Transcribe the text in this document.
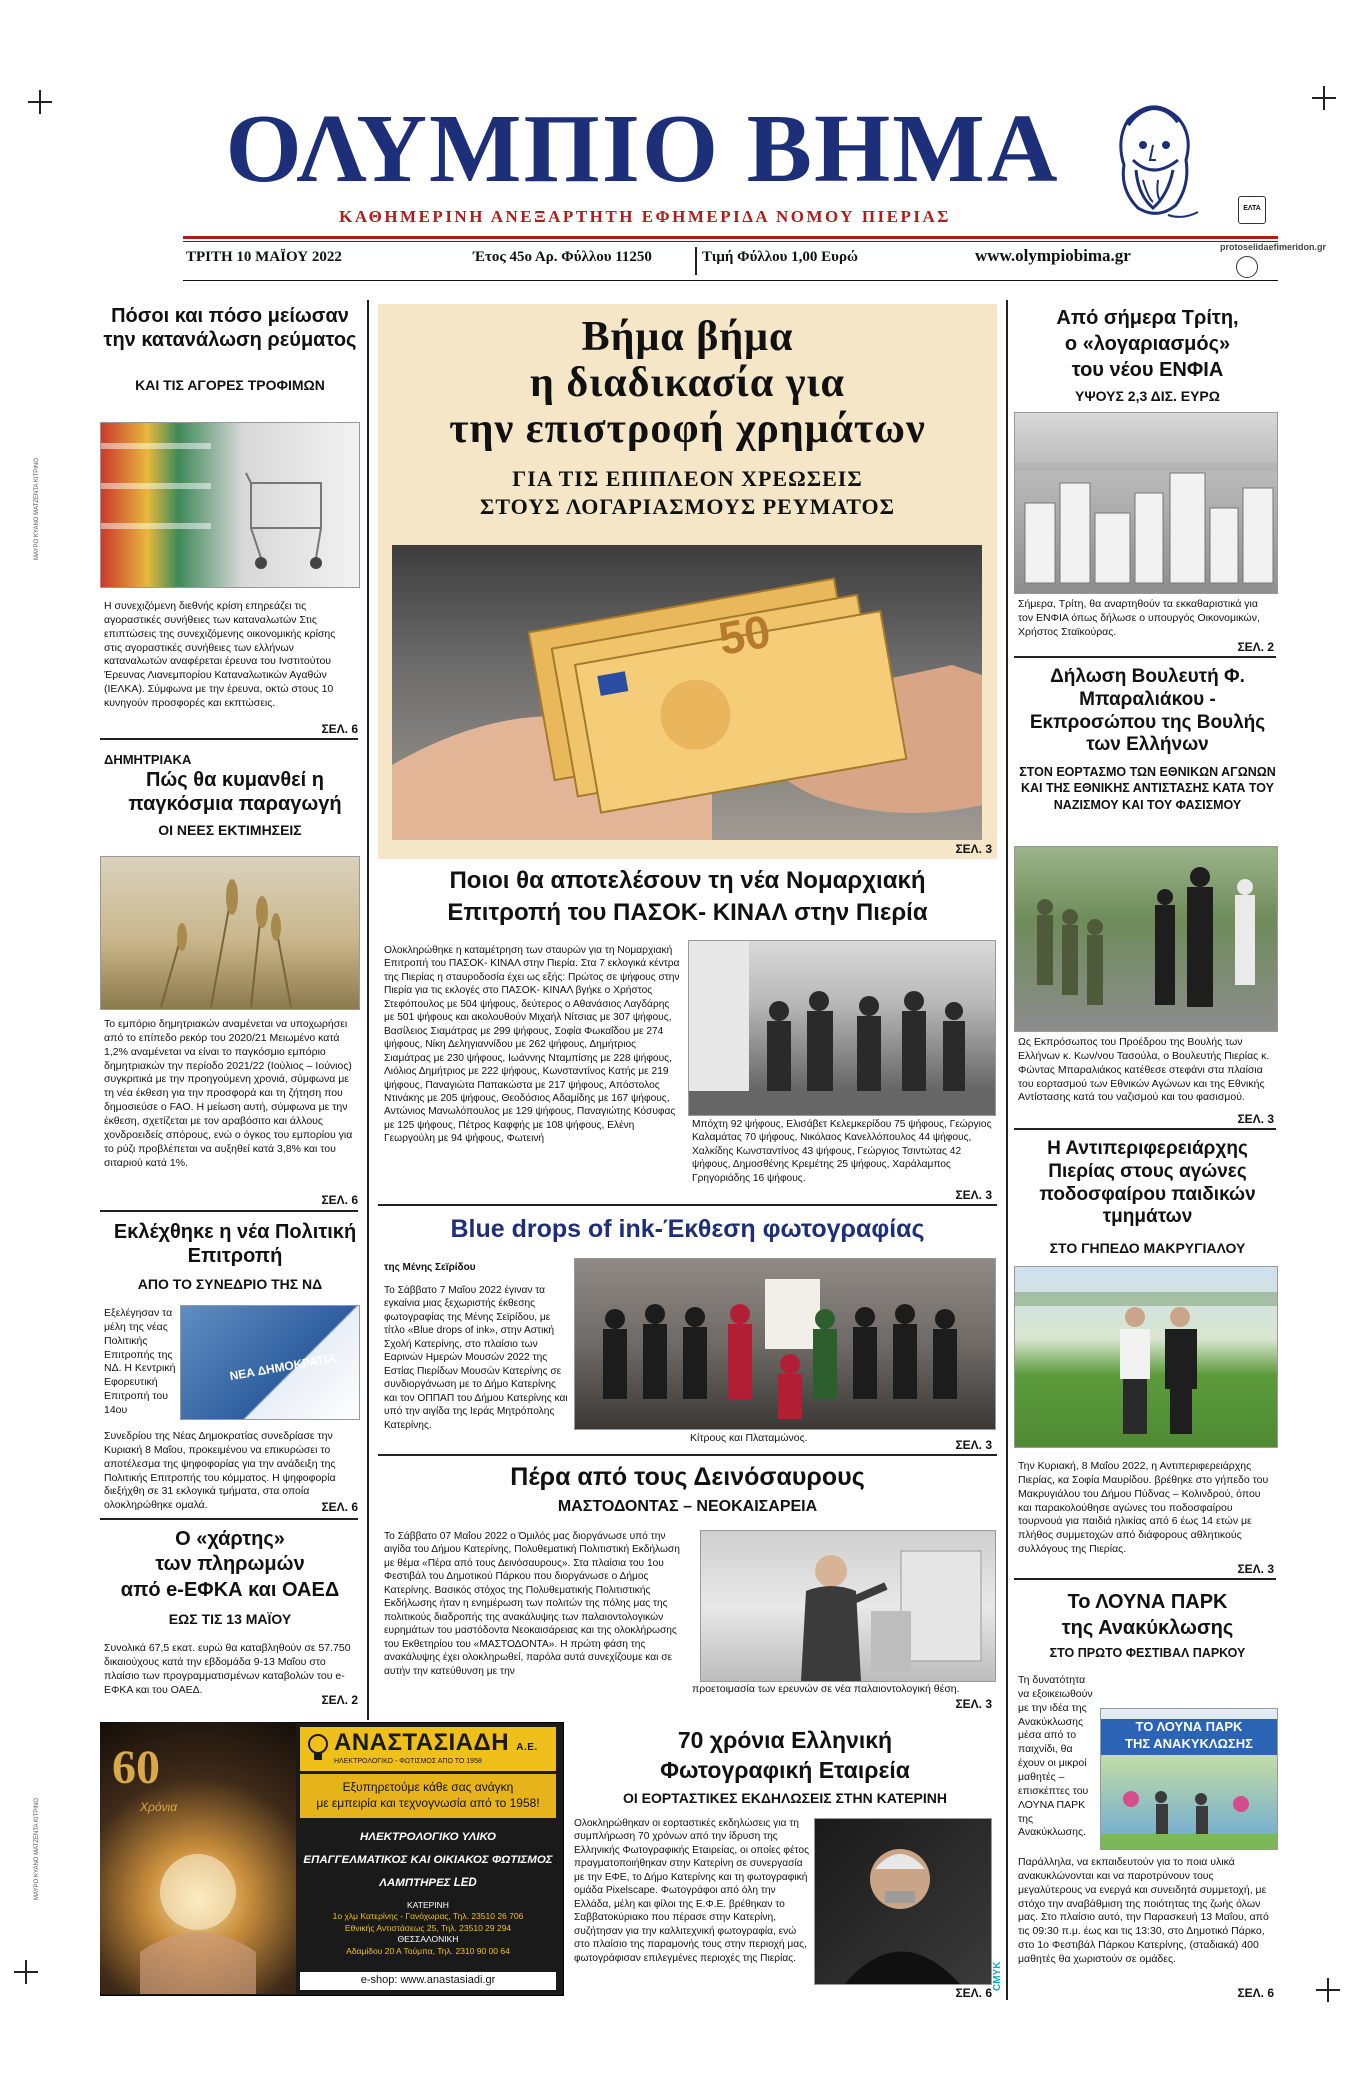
ΜΑΥΡΟ ΚΥΑΝΟ ΜΑΤΖΕΝΤΑ ΚΙΤΡΙΝΟ
ΜΑΥΡΟ ΚΥΑΝΟ ΜΑΤΖΕΝΤΑ ΚΙΤΡΙΝΟ
CMYK
ΟΛΥΜΠΙΟ ΒΗΜΑ
ΚΑΘΗΜΕΡΙΝΗ ΑΝΕΞΑΡΤΗΤΗ ΕΦΗΜΕΡΙΔΑ ΝΟΜΟΥ ΠΙΕΡΙΑΣ	ΕΛΤΑ
protoselidaefimeridon.gr
ΤΡΙΤΗ 10 ΜΑΪΟΥ 2022	Έτος 45ο Αρ. Φύλλου 11250	Τιμή Φύλλου 1,00 Ευρώ	www.olympiobima.gr
Πόσοι και πόσο μείωσαν την κατανάλωση ρεύματος
ΚΑΙ ΤΙΣ ΑΓΟΡΕΣ ΤΡΟΦΙΜΩΝ
Η συνεχιζόμενη διεθνής κρίση επηρεάζει τις αγοραστικές συνήθειες των καταναλωτών Στις επιπτώσεις της συνεχιζόμενης οικονομικής κρίσης στις αγοραστικές συνήθειες των ελλήνων καταναλωτών αναφέρεται έρευνα του Ινστιτούτου Έρευνας Λιανεμπορίου Καταναλωτικών Αγαθών (ΙΕΛΚΑ). Σύμφωνα με την έρευνα, οκτώ στους 10 κυνηγούν προσφορές και εκπτώσεις.
ΣΕΛ. 6
ΔΗΜΗΤΡΙΑΚΑ
Πώς θα κυμανθεί η παγκόσμια παραγωγή
ΟΙ ΝΕΕΣ ΕΚΤΙΜΗΣΕΙΣ
Το εμπόριο δημητριακών αναμένεται να υποχωρήσει από το επίπεδο ρεκόρ του 2020/21 Μειωμένο κατά 1,2% αναμένεται να είναι το παγκόσμιο εμπόριο δημητριακών την περίοδο 2021/22 (Ιούλιος – Ιούνιος) συγκριτικά με την προηγούμενη χρονιά, σύμφωνα με τη νέα έκθεση για την προσφορά και τη ζήτηση που δημοσιεύσε ο FAO. Η μείωση αυτή, σύμφωνα με την έκθεση, σχετίζεται με τον αραβόσιτο και άλλους χονδροειδείς σπόρους, ενώ ο όγκος του εμπορίου για το ρύζι προβλέπεται να αυξηθεί κατά 3,8% και του σιταριού κατά 1%.
ΣΕΛ. 6
Εκλέχθηκε η νέα Πολιτική Επιτροπή
ΑΠΟ ΤΟ ΣΥΝΕΔΡΙΟ ΤΗΣ ΝΔ
Εξελέγησαν τα μέλη της νέας Πολιτικής Επιτροπής της ΝΔ. Η Κεντρική Εφορευτική Επιτροπή του 14ου
ΝΕΑ ΔΗΜΟΚΡΑΤΙΑ
Συνεδρίου της Νέας Δημοκρατίας συνεδρίασε την Κυριακή 8 Μαΐου, προκειμένου να επικυρώσει το αποτέλεσμα της ψηφοφορίας για την ανάδειξη της Πολιτικής Επιτροπής του κόμματος. Η ψηφοφορία διεξήχθη σε 31 εκλογικά τμήματα, στα οποία ολοκληρώθηκε ομαλά.	ΣΕΛ. 6
Ο «χάρτης»
των πληρωμών
από e-ΕΦΚΑ και ΟΑΕΔ
ΕΩΣ ΤΙΣ 13 ΜΑΪΟΥ
Συνολικά 67,5 εκατ. ευρώ θα καταβληθούν σε 57.750 δικαιούχους κατά την εβδομάδα 9-13 Μαΐου στο πλαίσιο των προγραμματισμένων καταβολών του e-ΕΦΚΑ και του ΟΑΕΔ.
ΣΕΛ. 2
Βήμα βήμα
η διαδικασία για
την επιστροφή χρημάτων
ΓΙΑ ΤΙΣ ΕΠΙΠΛΕΟΝ ΧΡΕΩΣΕΙΣ
ΣΤΟΥΣ ΛΟΓΑΡΙΑΣΜΟΥΣ ΡΕΥΜΑΤΟΣ
50
ΣΕΛ. 3
Ποιοι θα αποτελέσουν τη νέα Νομαρχιακή
Επιτροπή του ΠΑΣΟΚ- ΚΙΝΑΛ στην Πιερία
Ολοκληρώθηκε η καταμέτρηση των σταυρών για τη Νομαρχιακή Επιτροπή του ΠΑΣΟΚ- ΚΙΝΑΛ στην Πιερία. Στα 7 εκλογικά κέντρα της Πιερίας η σταυροδοσία έχει ως εξής: Πρώτος σε ψήφους στην Πιερία για τις εκλογές στο ΠΑΣΟΚ- ΚΙΝΑΛ βγήκε ο Χρήστος Στεφόπουλος με 504 ψήφους, δεύτερος ο Αθανάσιος Λαγδάρης με 501 ψήφους και ακολουθούν Μιχαήλ Νίτσιας με 307 ψήφους, Βασίλειος Σιαμάτρας με 299 ψήφους, Σοφία Φωκαΐδου με 274 ψήφους, Νίκη Δεληγιαννίδου με 262 ψήφους, Δημήτριος Σιαμάτρας με 230 ψήφους, Ιωάννης Νταμπίσης με 228 ψήφους, Λιόλιος Δημήτριος με 222 ψήφους, Κωνσταντίνος Κατής με 219 ψήφους, Παναγιώτα Παπακώστα με 217 ψήφους, Απόστολος Ντινάκης με 205 ψήφους, Θεοδόσιος Αδαμίδης με 167 ψήφους, Αντώνιος Μανωλόπουλος με 129 ψήφους, Παναγιώτης Κόσυφας με 125 ψήφους, Πέτρος Καφφής με 108 ψήφους, Ελένη Γεωργούλη με 94 ψήφους, Φωτεινή
Μπόχτη 92 ψήφους, Ελισάβετ Κελεμκερίδου 75 ψήφους, Γεώργιος Καλαμάτας 70 ψήφους, Νικόλαος Κανελλόπουλος 44 ψήφους, Χαλκίδης Κωνσταντίνος 43 ψήφους, Γεώργιος Τσιντώτας 42 ψήφους, Δημοσθένης Κρεμέτης 25 ψήφους, Χαράλαμπος Γρηγοριάδης 16 ψήφους.
ΣΕΛ. 3
Blue drops of ink-Έκθεση φωτογραφίας
της Μένης Σεϊρίδου
Το Σάββατο 7 Μαΐου 2022 έγιναν τα εγκαίνια μιας ξεχωριστής έκθεσης φωτογραφίας της Μένης Σεϊρίδου, με τίτλο «Blue drops of ink», στην Αστική Σχολή Κατερίνης, στο πλαίσιο των Εαρινών Ημερών Μουσών 2022 της Εστίας Πιερίδων Μουσών Κατερίνης σε συνδιοργάνωση με το Δήμο Κατερίνης και τον ΟΠΠΑΠ του Δήμου Κατερίνης και υπό την αιγίδα της Ιεράς Μητρόπολης Κατερίνης.
Κίτρους και Πλαταμώνος.	ΣΕΛ. 3
Πέρα από τους Δεινόσαυρους
ΜΑΣΤΟΔΟΝΤΑΣ – ΝΕΟΚΑΙΣΑΡΕΙΑ
Το Σάββατο 07 Μαΐου 2022 ο Όμιλός μας διοργάνωσε υπό την αιγίδα του Δήμου Κατερίνης, Πολυθεματική Πολιτιστική Εκδήλωση με θέμα «Πέρα από τους Δεινόσαυρους». Στα πλαίσια του 1ου Φεστιβάλ του Δημοτικού Πάρκου που διοργάνωσε ο Δήμος Κατερίνης. Βασικός στόχος της Πολυθεματικής Πολιτιστικής Εκδήλωσης ήταν η ενημέρωση των πολιτών της πόλης μας της πολιτικούς διαδροπής της ανακάλυψης των παλαιοντολογικών ευρημάτων του μαστόδοντα Νεοκαισάρειας και της ολοκλήρωσης του Εκθετηρίου του «ΜΑΣΤΟΔΟΝΤΑ». Η πρώτη φάση της ανακάλυψης έχει ολοκληρωθεί, παρόλα αυτά συνεχίζουμε και σε αυτήν την κατεύθυνση με την
προετοιμασία των ερευνών σε νέα παλαιοντολογική θέση.
ΣΕΛ. 3
70 χρόνια Ελληνική
Φωτογραφική Εταιρεία
ΟΙ ΕΟΡΤΑΣΤΙΚΕΣ ΕΚΔΗΛΩΣΕΙΣ ΣΤΗΝ ΚΑΤΕΡΙΝΗ
Ολοκληρώθηκαν οι εορταστικές εκδηλώσεις για τη συμπλήρωση 70 χρόνων από την ίδρυση της Ελληνικής Φωτογραφικής Εταιρείας, οι οποίες φέτος πραγματοποιήθηκαν στην Κατερίνη σε συνεργασία με την ΕΦΕ, το Δήμο Κατερίνης και τη φωτογραφική ομάδα Pixelscape. Φωτογράφοι από όλη την Ελλάδα, μέλη και φίλοι της Ε.Φ.Ε. βρέθηκαν το Σαββατοκύριακο που πέρασε στην Κατερίνη, συζήτησαν για την καλλιτεχνική φωτογραφία, ενώ στο πλαίσιο της παραμονής τους στην περιοχή μας, φωτογράφισαν επιλεγμένες περιοχές της Πιερίας.
ΣΕΛ. 6
60
Χρόνια
ΑΝΑΣΤΑΣΙΑΔΗ Α.Ε.
ΗΛΕΚΤΡΟΛΟΓΙΚΟ - ΦΩΤΙΣΜΟΣ ΑΠΟ ΤΟ 1958
Εξυπηρετούμε κάθε σας ανάγκη
με εμπειρία και τεχνογνωσία από το 1958!
ΗΛΕΚΤΡΟΛΟΓΙΚΟ ΥΛΙΚΟ
ΕΠΑΓΓΕΛΜΑΤΙΚΟΣ ΚΑΙ ΟΙΚΙΑΚΟΣ ΦΩΤΙΣΜΟΣ
ΛΑΜΠΤΗΡΕΣ LED
ΚΑΤΕΡΙΝΗ
1ο χλμ Κατερίνης - Γανόχωρας, Τηλ. 23510 26 706
Εθνικής Αντιστάσεως 25, Τηλ. 23510 29 294
ΘΕΣΣΑΛΟΝΙΚΗ
Αδαμίδου 20 Α Τούμπα, Τηλ. 2310 90 00 64
e-shop: www.anastasiadi.gr
Από σήμερα Τρίτη,
ο «λογαριασμός»
του νέου ΕΝΦΙΑ
ΥΨΟΥΣ 2,3 ΔΙΣ. ΕΥΡΩ
Σήμερα, Τρίτη, θα αναρτηθούν τα εκκαθαριστικά για τον ΕΝΦΙΑ όπως δήλωσε ο υπουργός Οικονομικών, Χρήστος Σταϊκούρας.
ΣΕΛ. 2
Δήλωση Βουλευτή Φ. Μπαραλιάκου - Εκπροσώπου της Βουλής των Ελλήνων
ΣΤΟΝ ΕΟΡΤΑΣΜΟ ΤΩΝ ΕΘΝΙΚΩΝ ΑΓΩΝΩΝ ΚΑΙ ΤΗΣ ΕΘΝΙΚΗΣ ΑΝΤΙΣΤΑΣΗΣ ΚΑΤΑ ΤΟΥ ΝΑΖΙΣΜΟΥ ΚΑΙ ΤΟΥ ΦΑΣΙΣΜΟΥ
Ως Εκπρόσωπος του Προέδρου της Βουλής των Ελλήνων κ. Κων/νου Τασούλα, ο Βουλευτής Πιερίας κ. Φώντας Μπαραλιάκος κατέθεσε στεφάνι στα πλαίσια του εορτασμού των Εθνικών Αγώνων και της Εθνικής Αντίστασης κατά του ναζισμού και του φασισμού.
ΣΕΛ. 3
Η Αντιπεριφερειάρχης Πιερίας στους αγώνες ποδοσφαίρου παιδικών τμημάτων
ΣΤΟ ΓΗΠΕΔΟ ΜΑΚΡΥΓΙΑΛΟΥ
Την Κυριακή, 8 Μαΐου 2022, η Αντιπεριφερειάρχης Πιερίας, κα Σοφία Μαυρίδου. βρέθηκε στο γήπεδο του Μακρυγιάλου του Δήμου Πύδνας – Κολινδρού, όπου και παρακολούθησε αγώνες του ποδοσφαίρου τουρνουά για παιδιά ηλικίας από 6 έως 14 ετών με πλήθος συμμετοχών από διάφορους αθλητικούς συλλόγους της Πιερίας.
ΣΕΛ. 3
Το ΛΟΥΝΑ ΠΑΡΚ
της Ανακύκλωσης
ΣΤΟ ΠΡΩΤΟ ΦΕΣΤΙΒΑΛ ΠΑΡΚΟΥ
Τη δυνατότητα να εξοικειωθούν με την ιδέα της Ανακύκλωσης μέσα από το παιχνίδι, θα έχουν οι μικροί μαθητές – επισκέπτες του ΛΟΥΝΑ ΠΑΡΚ της Ανακύκλωσης.
ΤΟ ΛΟΥΝΑ ΠΑΡΚ
ΤΗΣ ΑΝΑΚΥΚΛΩΣΗΣ
Παράλληλα, να εκπαιδευτούν για το ποια υλικά ανακυκλώνονται και να παροτρύνουν τους μεγαλύτερους να ενεργά και συνειδητά συμμετοχή, με στόχο την αναβάθμιση της ποιότητας της ζωής όλων μας. Στο πλαίσιο αυτό, την Παρασκευή 13 Μαΐου, από τις 09:30 π.μ. έως και τις 13:30, στο Δημοτικό Πάρκο, στο 1ο Φεστιβάλ Πάρκου Κατερίνης, (σταδιακά) 400 μαθητές θα χωριστούν σε ομάδες.
ΣΕΛ. 6
